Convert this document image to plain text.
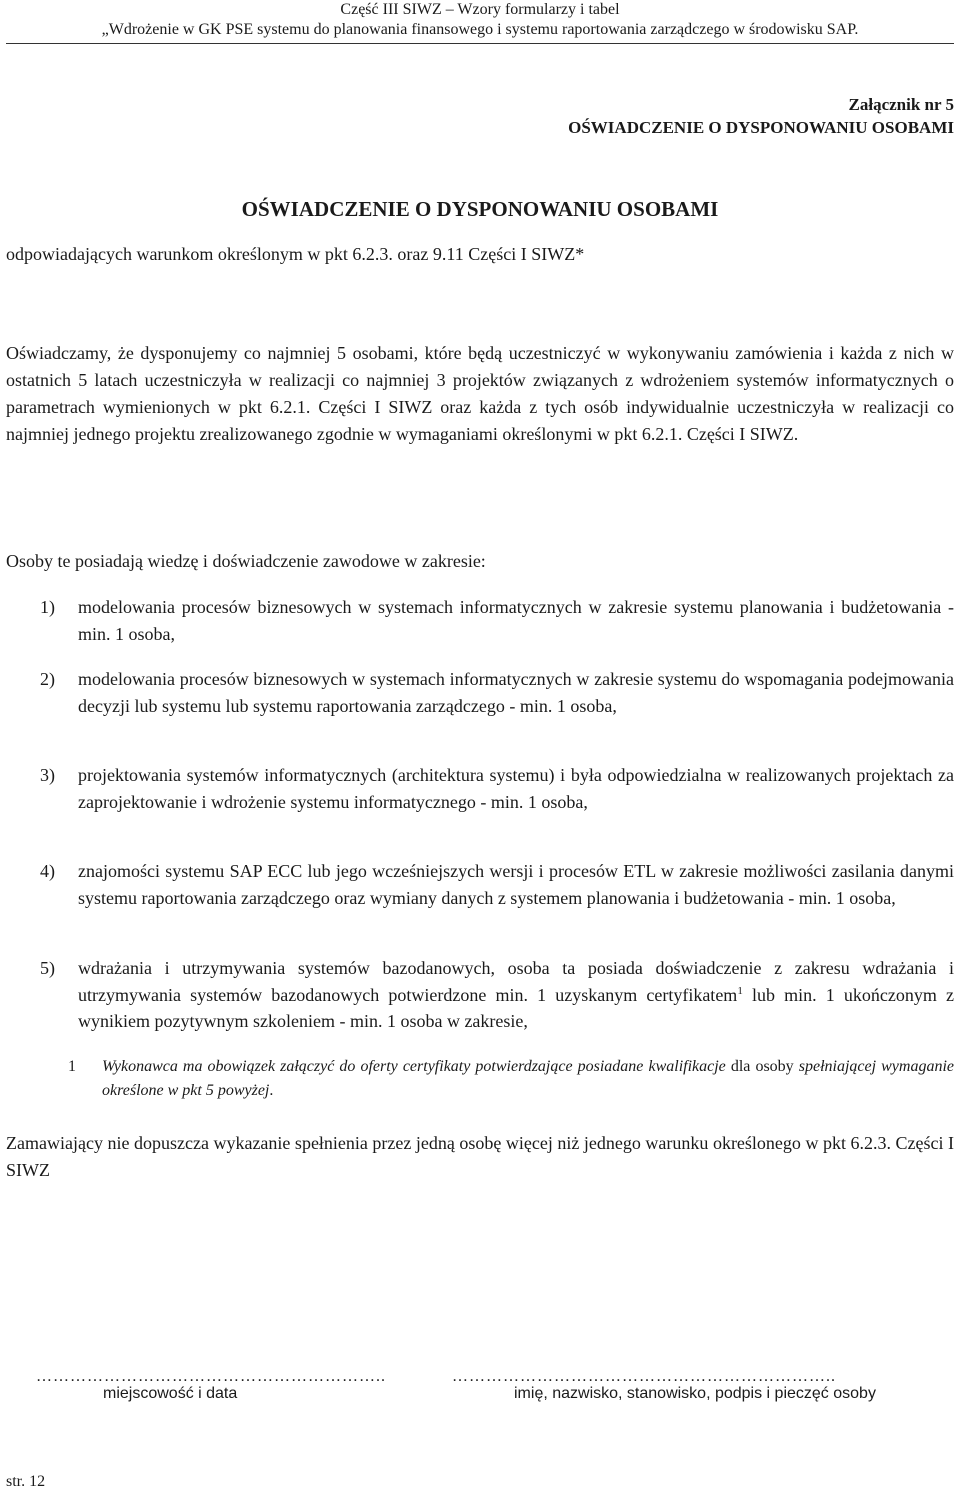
Część III SIWZ – Wzory formularzy i tabel
„Wdrożenie w GK PSE systemu do planowania finansowego i systemu raportowania zarządczego w środowisku SAP.
Załącznik nr 5
OŚWIADCZENIE O DYSPONOWANIU OSOBAMI
OŚWIADCZENIE O DYSPONOWANIU OSOBAMI
odpowiadających warunkom określonym w pkt 6.2.3. oraz 9.11 Części I SIWZ*

Oświadczamy, że dysponujemy co najmniej 5 osobami, które będą uczestniczyć w wykonywaniu zamówienia i każda z nich w ostatnich 5 latach uczestniczyła w realizacji co najmniej 3 projektów związanych z wdrożeniem systemów informatycznych o parametrach wymienionych w pkt 6.2.1. Części I SIWZ oraz każda z tych osób indywidualnie uczestniczyła w realizacji co najmniej jednego projektu zrealizowanego zgodnie w wymaganiami określonymi w pkt 6.2.1. Części I SIWZ.

Osoby te posiadają wiedzę i doświadczenie zawodowe w zakresie:

1) modelowania procesów biznesowych w systemach informatycznych w zakresie systemu planowania i budżetowania - min. 1 osoba,
2) modelowania procesów biznesowych w systemach informatycznych w zakresie systemu do wspomagania podejmowania decyzji lub systemu lub systemu raportowania zarządczego - min. 1 osoba,
3) projektowania systemów informatycznych (architektura systemu) i była odpowiedzialna w realizowanych projektach za zaprojektowanie i wdrożenie systemu informatycznego - min. 1 osoba,
4) znajomości systemu SAP ECC lub jego wcześniejszych wersji i procesów ETL w zakresie możliwości zasilania danymi systemu raportowania zarządczego oraz wymiany danych z systemem planowania i budżetowania - min. 1 osoba,
5) wdrażania i utrzymywania systemów bazodanowych, osoba ta posiada doświadczenie z zakresu wdrażania i utrzymywania systemów bazodanowych potwierdzone min. 1 uzyskanym certyfikatem$^1$ lub min. 1 ukończonym z wynikiem pozytywnym szkoleniem - min. 1 osoba w zakresie,
1 Wykonawca ma obowiązek załączyć do oferty certyfikaty potwierdzające posiadane kwalifikacje dla osoby spełniającej wymaganie określone w pkt 5 powyżej.

Zamawiający nie dopuszcza wykazanie spełnienia przez jedną osobę więcej niż jednego warunku określonego w pkt 6.2.3. Części I SIWZ

……………………………………………………..	…………………………………………………………..
miejscowość i data	imię, nazwisko, stanowisko, podpis i pieczęć osoby
str. 12
